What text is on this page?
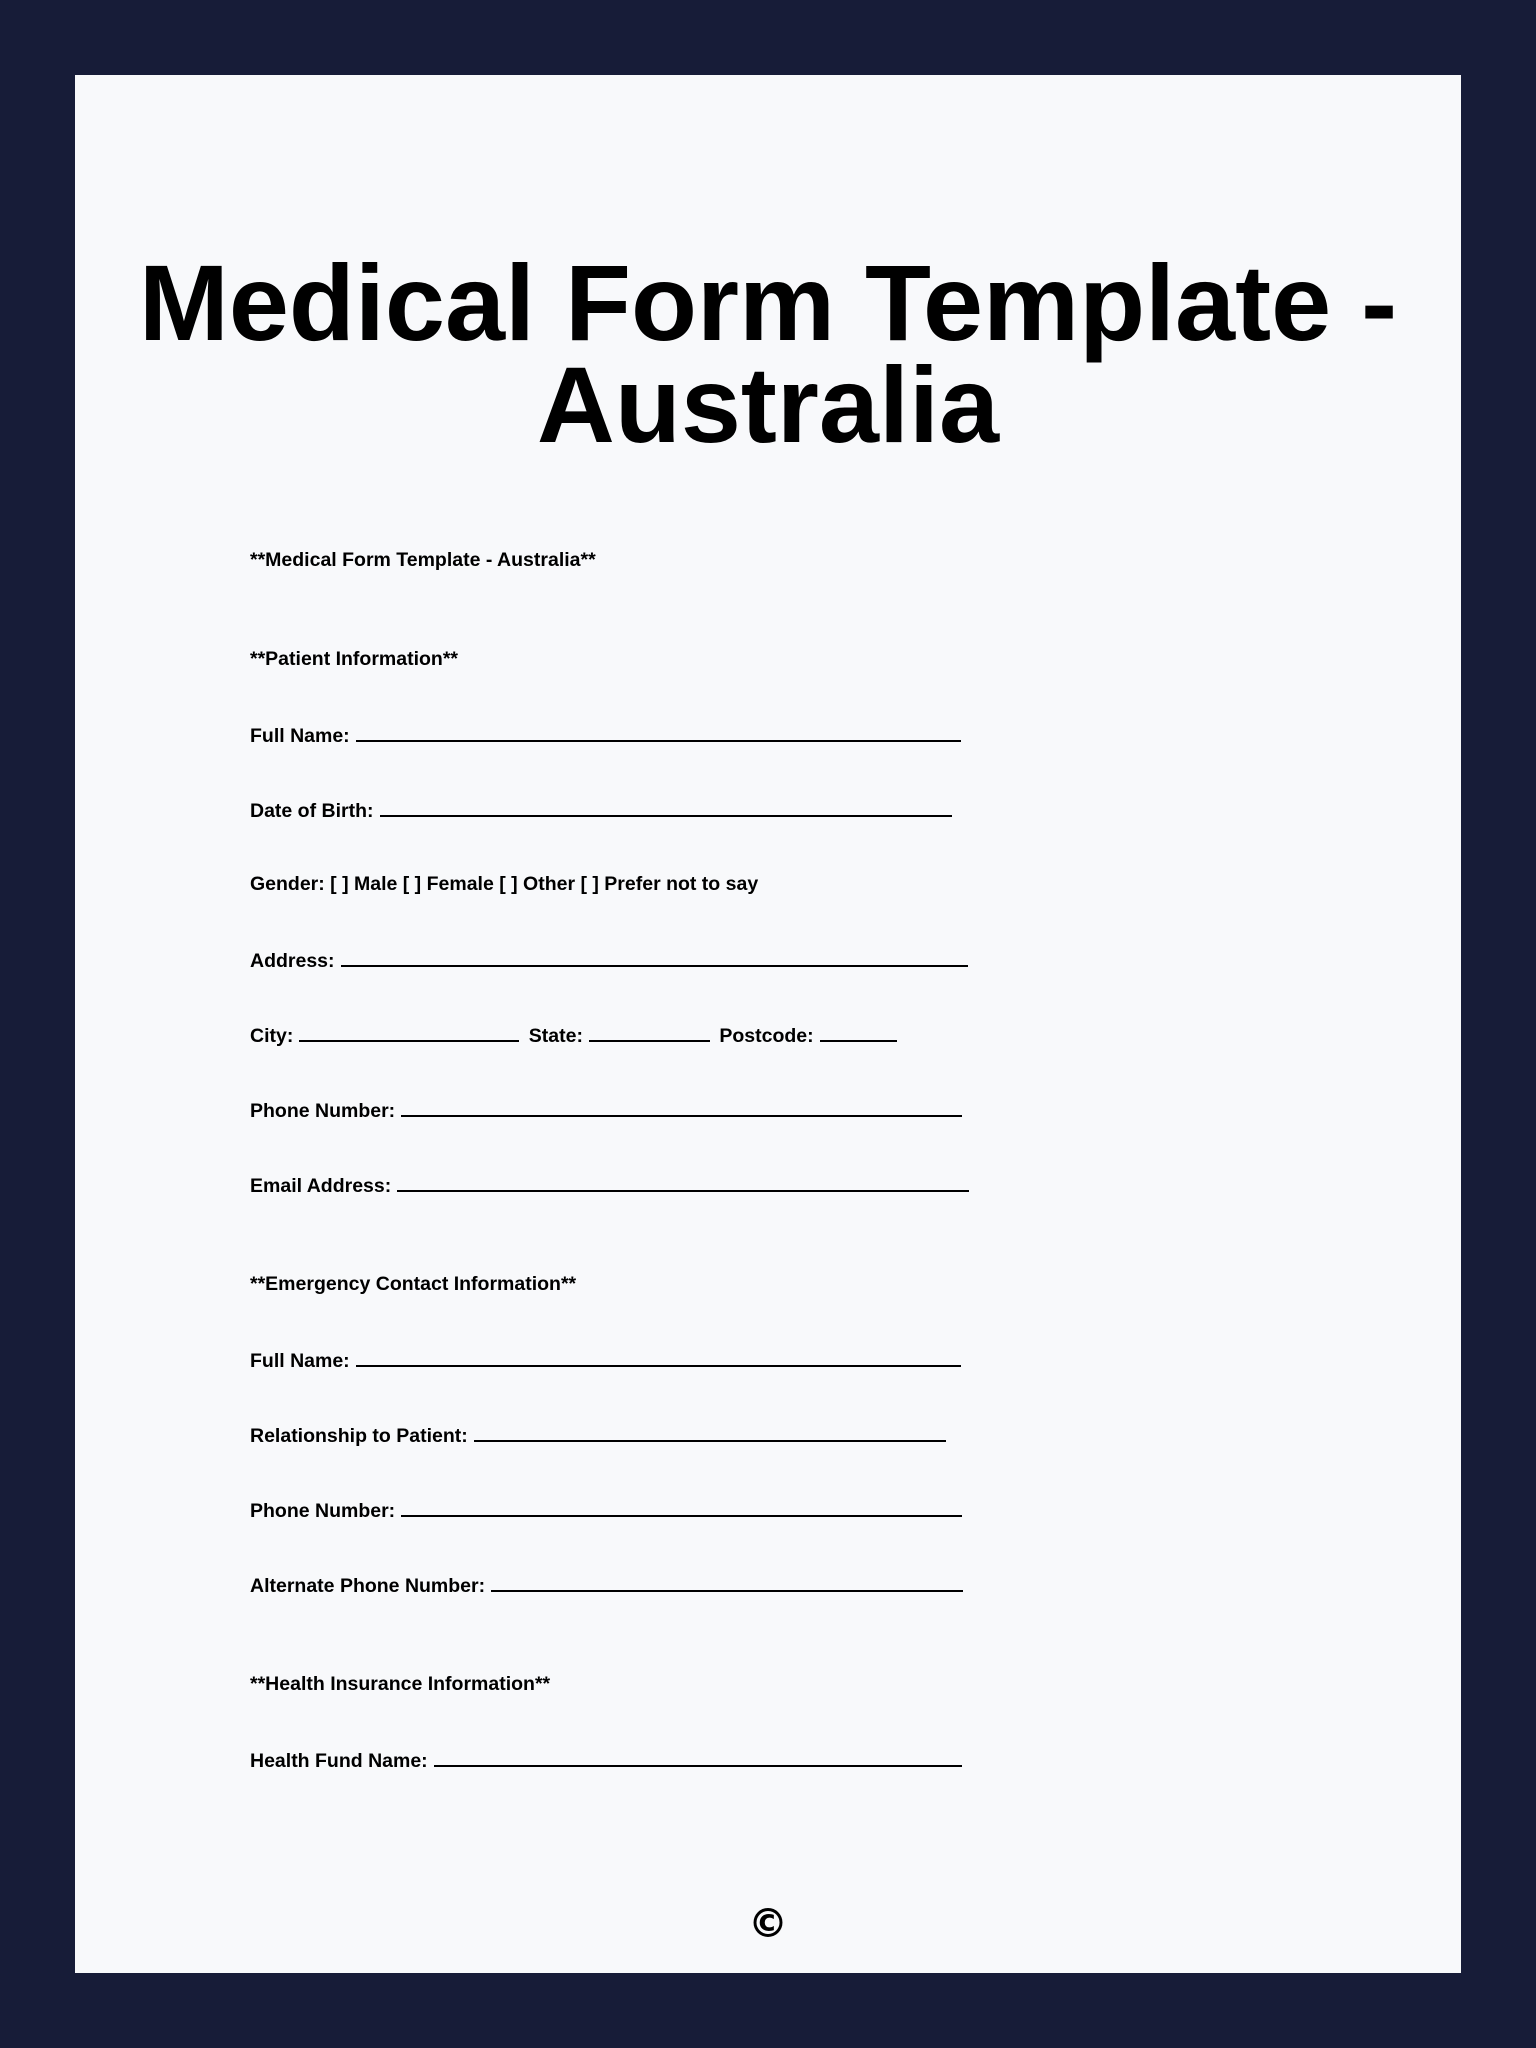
Medical Form Template -
Australia
**Medical Form Template - Australia**
**Patient Information**
Full Name:
Date of Birth:
Gender: [ ] Male [ ] Female [ ] Other [ ] Prefer not to say
Address:
City:	State:	Postcode:
Phone Number:
Email Address:
**Emergency Contact Information**
Full Name:
Relationship to Patient:
Phone Number:
Alternate Phone Number:
**Health Insurance Information**
Health Fund Name:
©
